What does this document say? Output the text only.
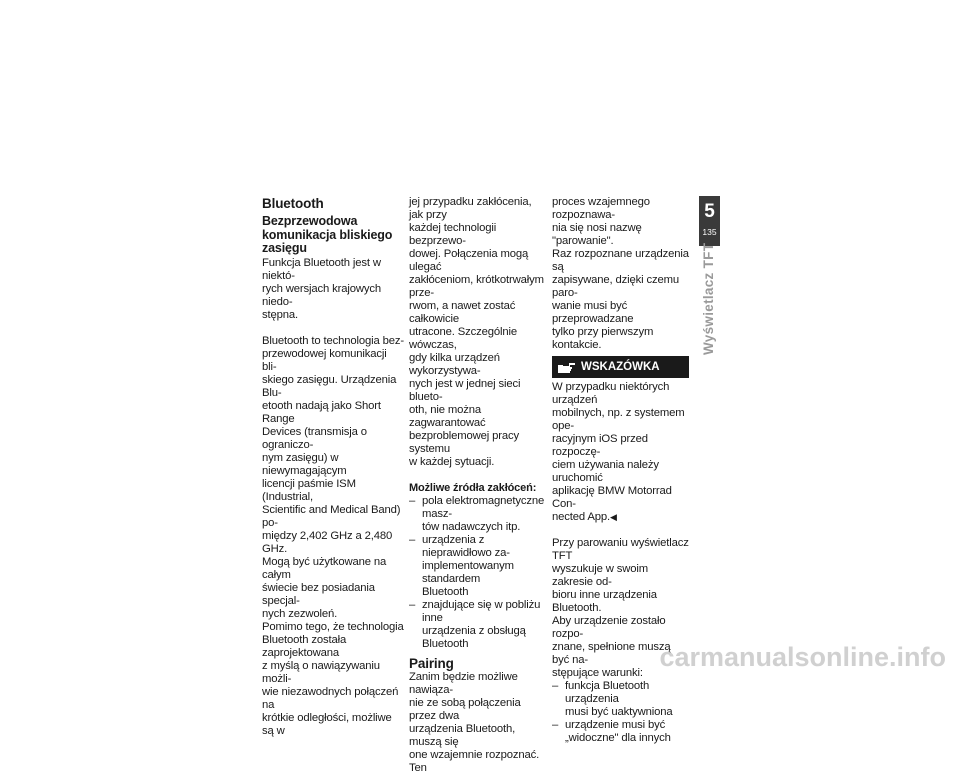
Bluetooth
Bezprzewodowa
komunikacja bliskiego
zasięgu

Funkcja Bluetooth jest w niektó-
rych wersjach krajowych niedo-
stępna.

Bluetooth to technologia bez-
przewodowej komunikacji bli-
skiego zasięgu. Urządzenia Blu-
etooth nadają jako Short Range
Devices (transmisja o ograniczo-
nym zasięgu) w niewymagającym
licencji paśmie ISM (Industrial,
Scientific and Medical Band) po-
między 2,402 GHz a 2,480 GHz.
Mogą być użytkowane na całym
świecie bez posiadania specjal-
nych zezwoleń.

Pomimo tego, że technologia
Bluetooth została zaprojektowana
z myślą o nawiązywaniu możli-
wie niezawodnych połączeń na
krótkie odległości, możliwe są w

jej przypadku zakłócenia, jak przy
każdej technologii bezprzewo-
dowej. Połączenia mogą ulegać
zakłóceniom, krótkotrwałym prze-
rwom, a nawet zostać całkowicie
utracone. Szczególnie wówczas,
gdy kilka urządzeń wykorzystywa-
nych jest w jednej sieci blueto-
oth, nie można zagwarantować
bezproblemowej pracy systemu
w każdej sytuacji.

Możliwe źródła zakłóceń:
– pola elektromagnetyczne masz-
tów nadawczych itp.
– urządzenia z nieprawidłowo za-
implementowanym standardem
Bluetooth
– znajdujące się w pobliżu inne
urządzenia z obsługą Bluetooth
Pairing

Zanim będzie możliwe nawiąza-
nie ze sobą połączenia przez dwa
urządzenia Bluetooth, muszą się
one wzajemnie rozpoznać. Ten

proces wzajemnego rozpoznawa-
nia się nosi nazwę "parowanie".
Raz rozpoznane urządzenia są
zapisywane, dzięki czemu paro-
wanie musi być przeprowadzane
tylko przy pierwszym kontakcie.

WSKAZÓWKA

W przypadku niektórych urządzeń
mobilnych, np. z systemem ope-
racyjnym iOS przed rozpoczę-
ciem używania należy uruchomić
aplikację BMW Motorrad Con-
nected App.◀

Przy parowaniu wyświetlacz TFT
wyszukuje w swoim zakresie od-
bioru inne urządzenia Bluetooth.
Aby urządzenie zostało rozpo-
znane, spełnione muszą być na-
stępujące warunki:

– funkcja Bluetooth urządzenia
musi być uaktywniona
– urządzenie musi być
„widoczne" dla innych
5
135
Wyświetlacz TFT
carmanualsonline.info
